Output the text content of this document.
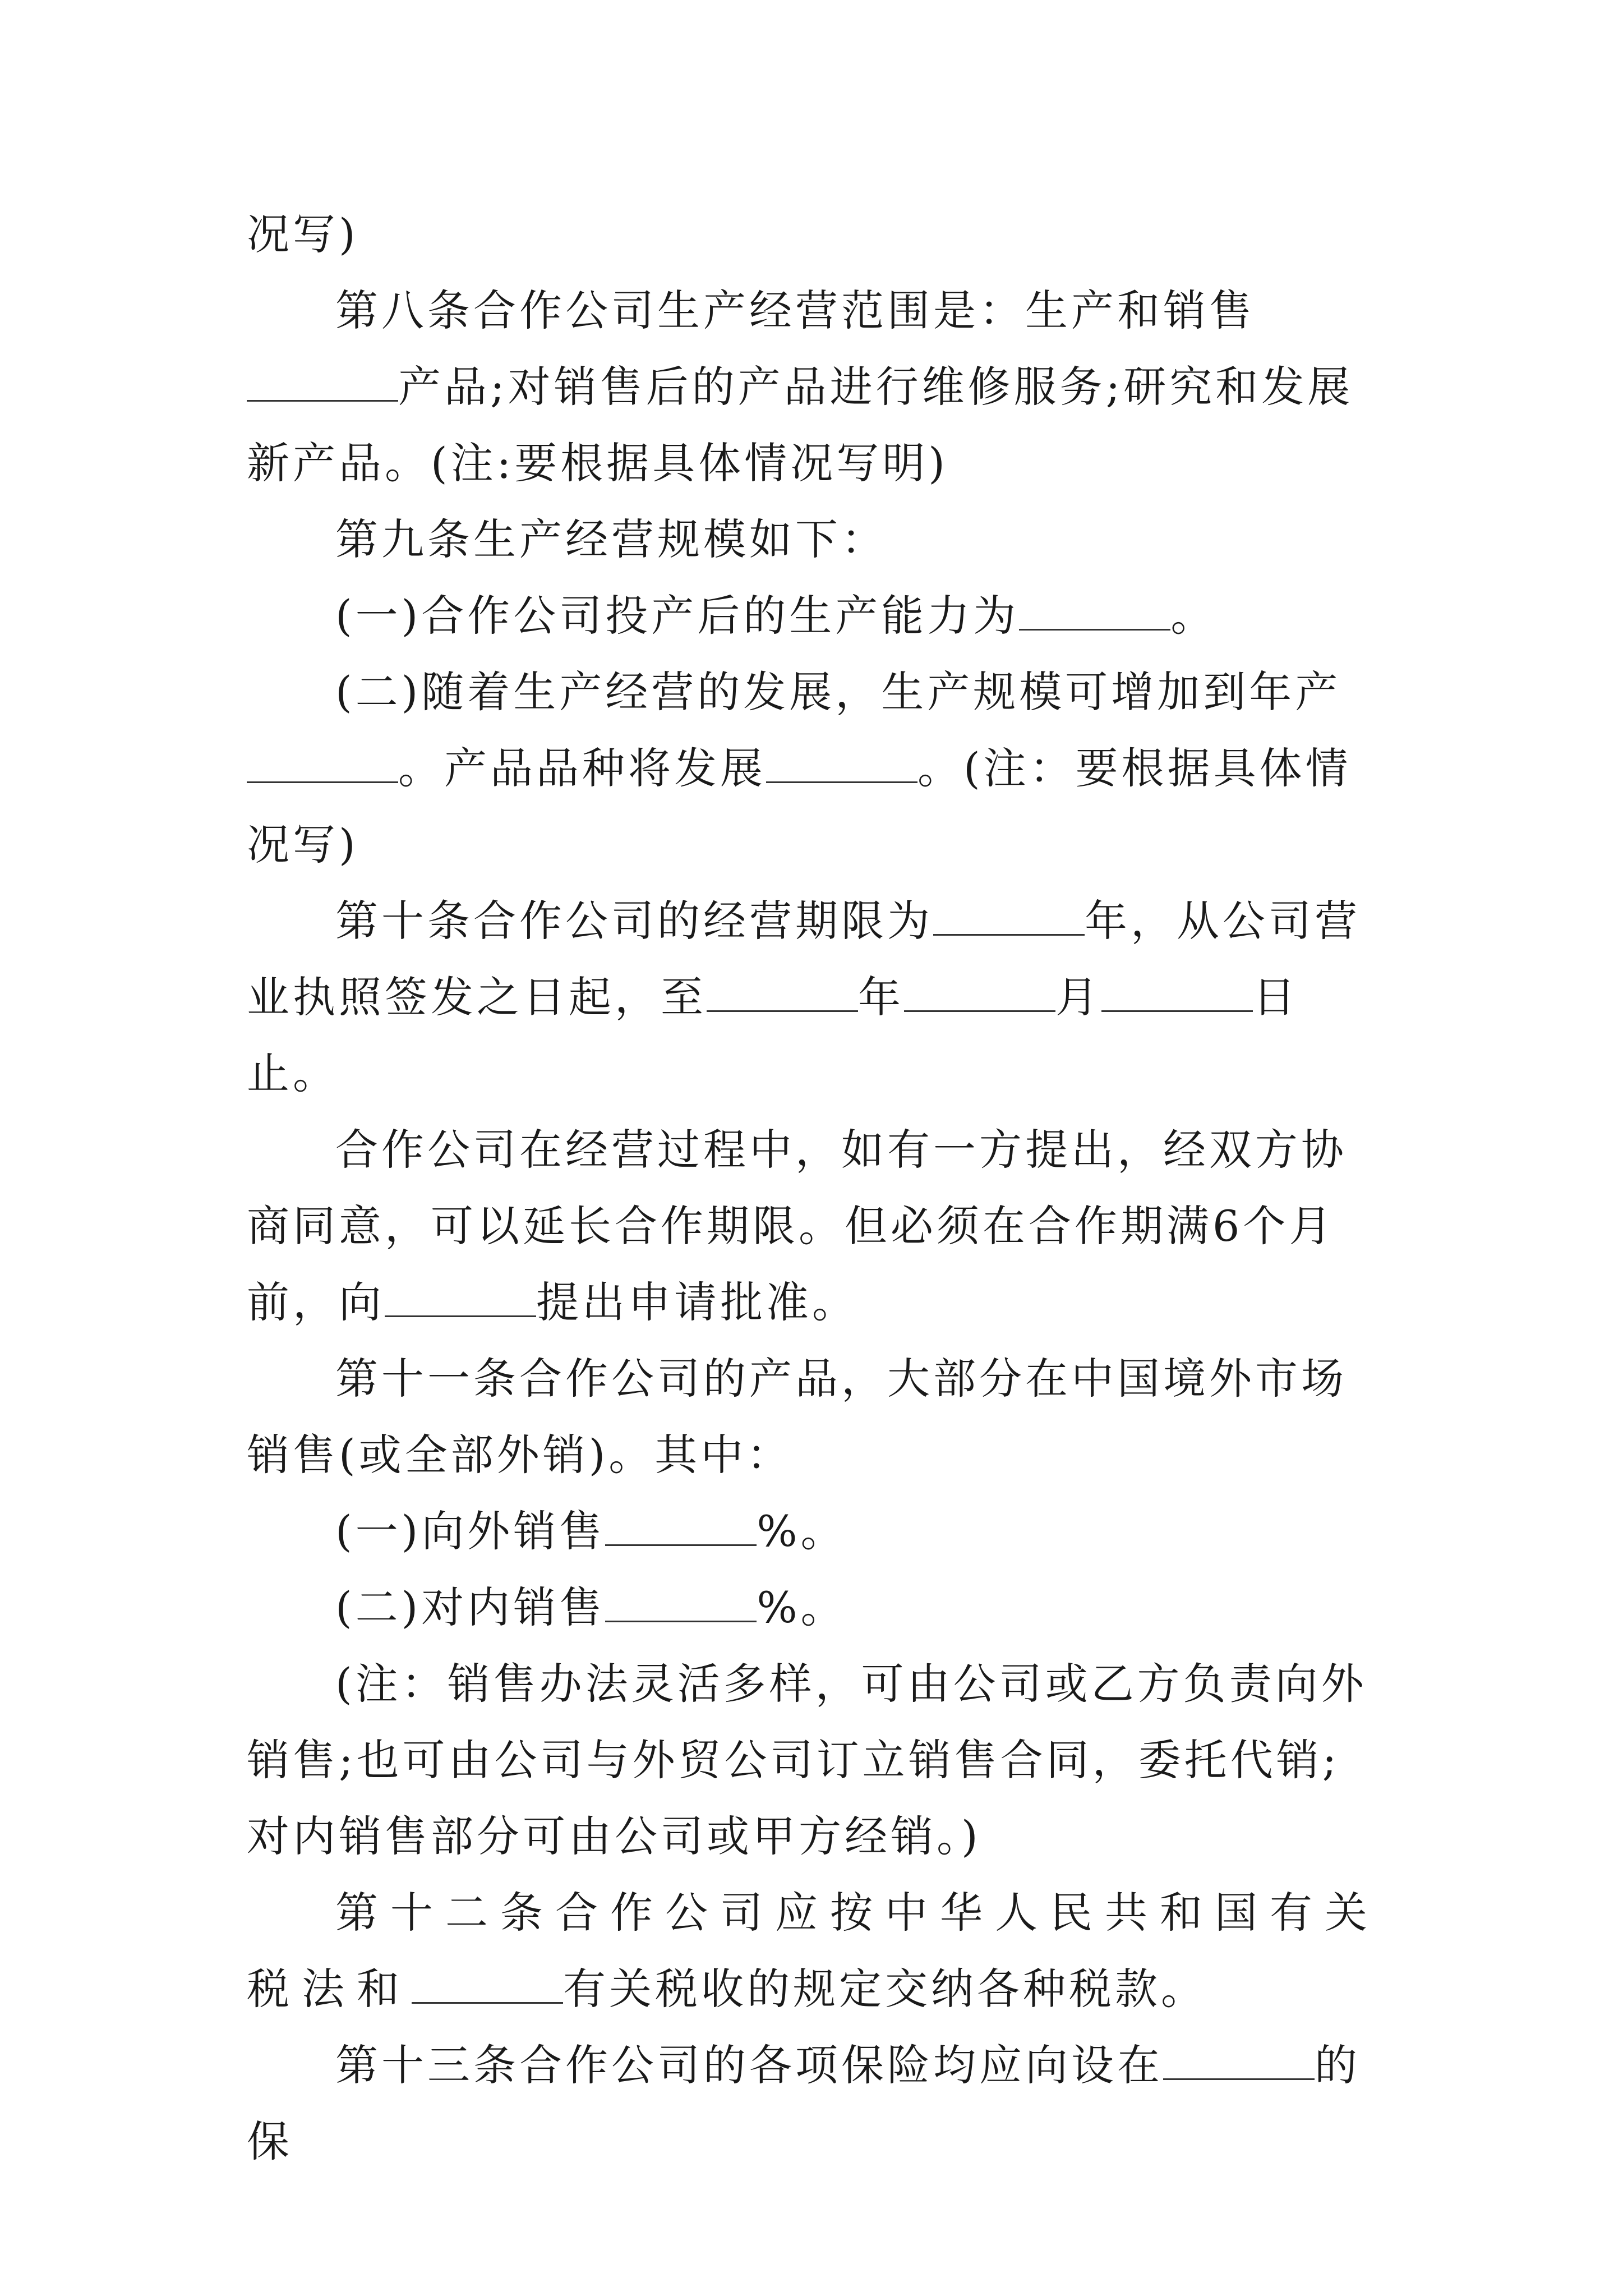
况写)

第八条合作公司生产经营范围是：生产和销售产品;对销售后的产品进行维修服务;研究和发展新产品。(注:要根据具体情况写明)

第九条生产经营规模如下：

(一)合作公司投产后的生产能力为	。

(二)随着生产经营的发展，生产规模可增加到年产。产品品种将发展	。(注：要根据具体情况写)

第十条合作公司的经营期限为	年，从公司营业执照签发之日起，至	年	月	日止。

合作公司在经营过程中，如有一方提出，经双方协商同意，可以延长合作期限。但必须在合作期满6个月前，向	提出申请批准。

第十一条合作公司的产品，大部分在中国境外市场销售(或全部外销)。其中：

(一)向外销售	%。

(二)对内销售	%。

(注：销售办法灵活多样，可由公司或乙方负责向外销售;也可由公司与外贸公司订立销售合同，委托代销;对内销售部分可由公司或甲方经销。)

第十二条合作公司应按中华人民共和国有关税法和	有关税收的规定交纳各种税款。

第十三条合作公司的各项保险均应向设在	的保
